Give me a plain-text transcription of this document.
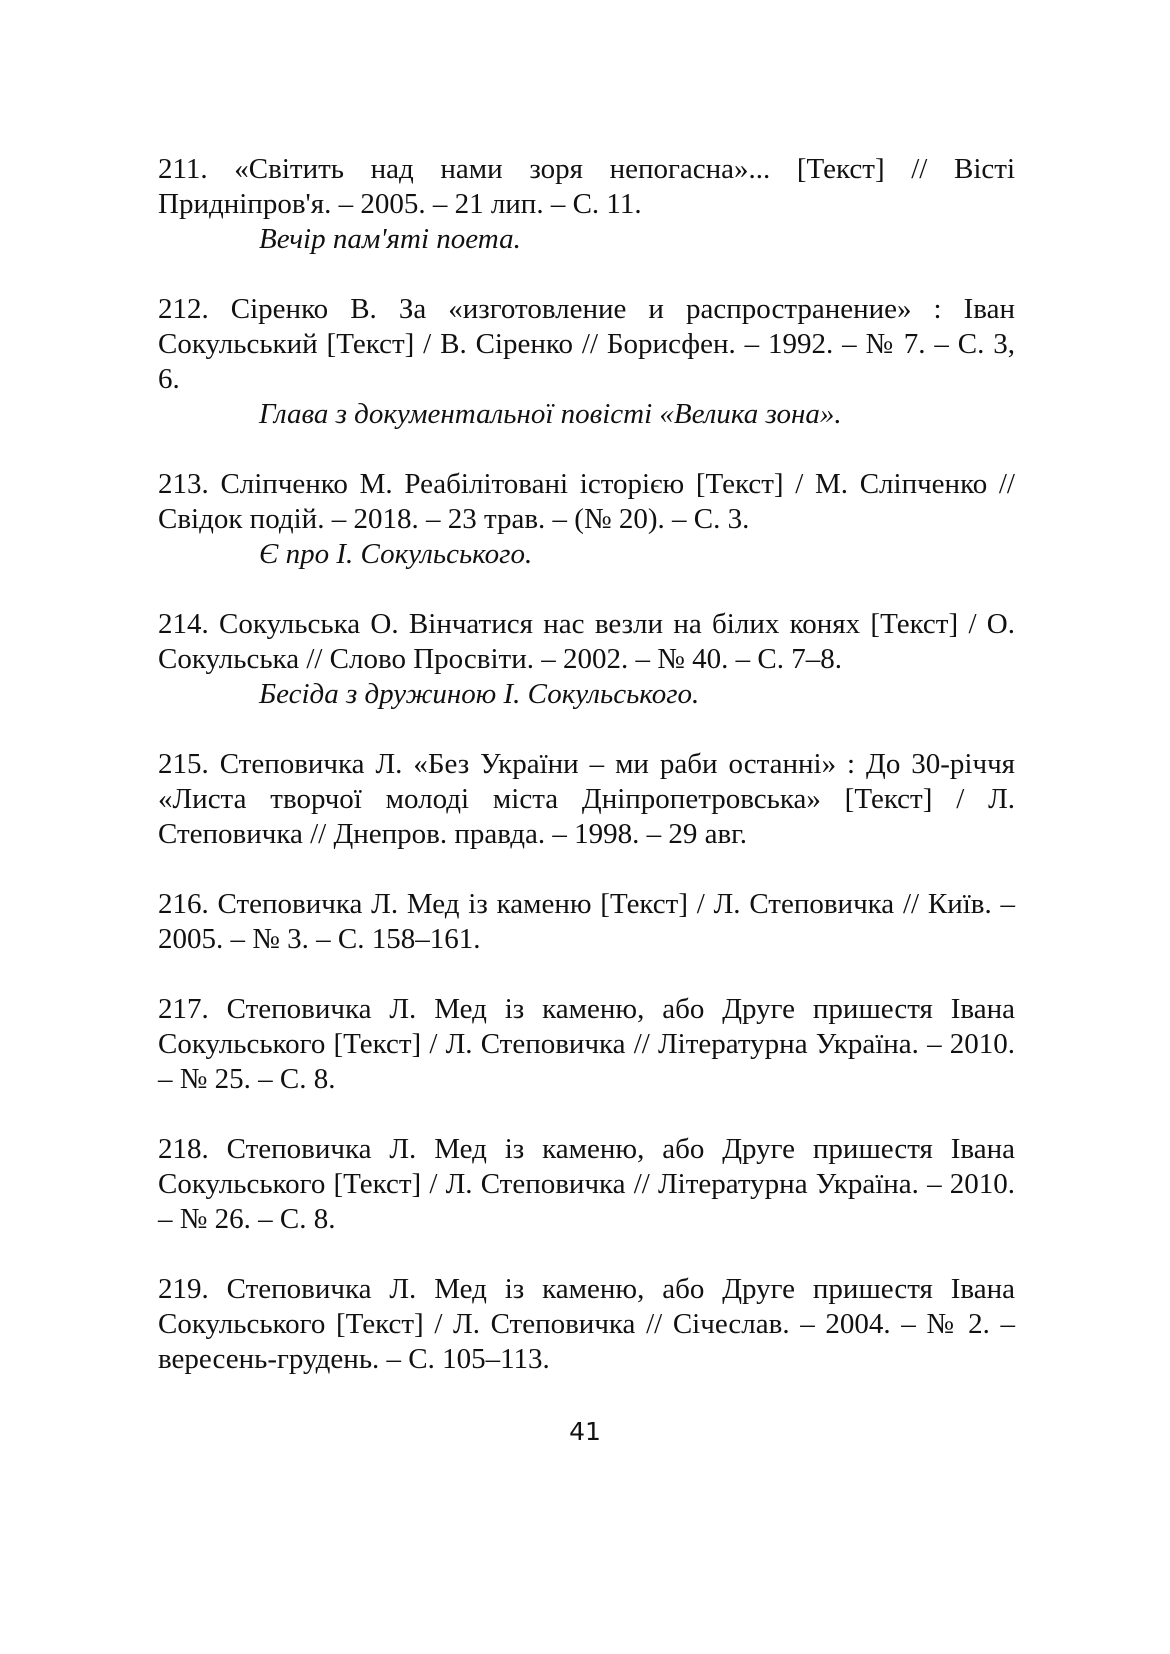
211. «Світить над нами зоря непогасна»... [Текст] // Вісті Придніпров'я. – 2005. – 21 лип. – С. 11.

Вечір пам'яті поета.

212. Сіренко В. За «изготовление и распространение» : Іван Сокульський [Текст] / В. Сіренко // Борисфен. – 1992. – № 7. – С. 3, 6.

Глава з документальної повісті «Велика зона».

213. Сліпченко М. Реабілітовані історією [Текст] / М. Сліпченко // Свідок подій. – 2018. – 23 трав. – (№ 20). – С. 3.

Є про І. Сокульського.

214. Сокульська О. Вінчатися нас везли на білих конях [Текст] / О. Сокульська // Слово Просвіти. – 2002. – № 40. – С. 7–8.

Бесіда з дружиною І. Сокульського.

215. Степовичка Л. «Без України – ми раби останні» : До 30-річчя «Листа творчої молоді міста Дніпропетровська» [Текст] / Л. Степовичка // Днепров. правда. – 1998. – 29 авг.

216. Степовичка Л. Мед із каменю [Текст] / Л. Степовичка // Київ. – 2005. – № 3. – С. 158–161.

217. Степовичка Л. Мед із каменю, або Друге пришестя Івана Сокульського [Текст] / Л. Степовичка // Літературна Україна. – 2010. – № 25. – С. 8.

218. Степовичка Л. Мед із каменю, або Друге пришестя Івана Сокульського [Текст] / Л. Степовичка // Літературна Україна. – 2010. – № 26. – С. 8.

219. Степовичка Л. Мед із каменю, або Друге пришестя Івана Сокульського [Текст] / Л. Степовичка // Січеслав. – 2004. – № 2. – вересень-грудень. – С. 105–113.

41
